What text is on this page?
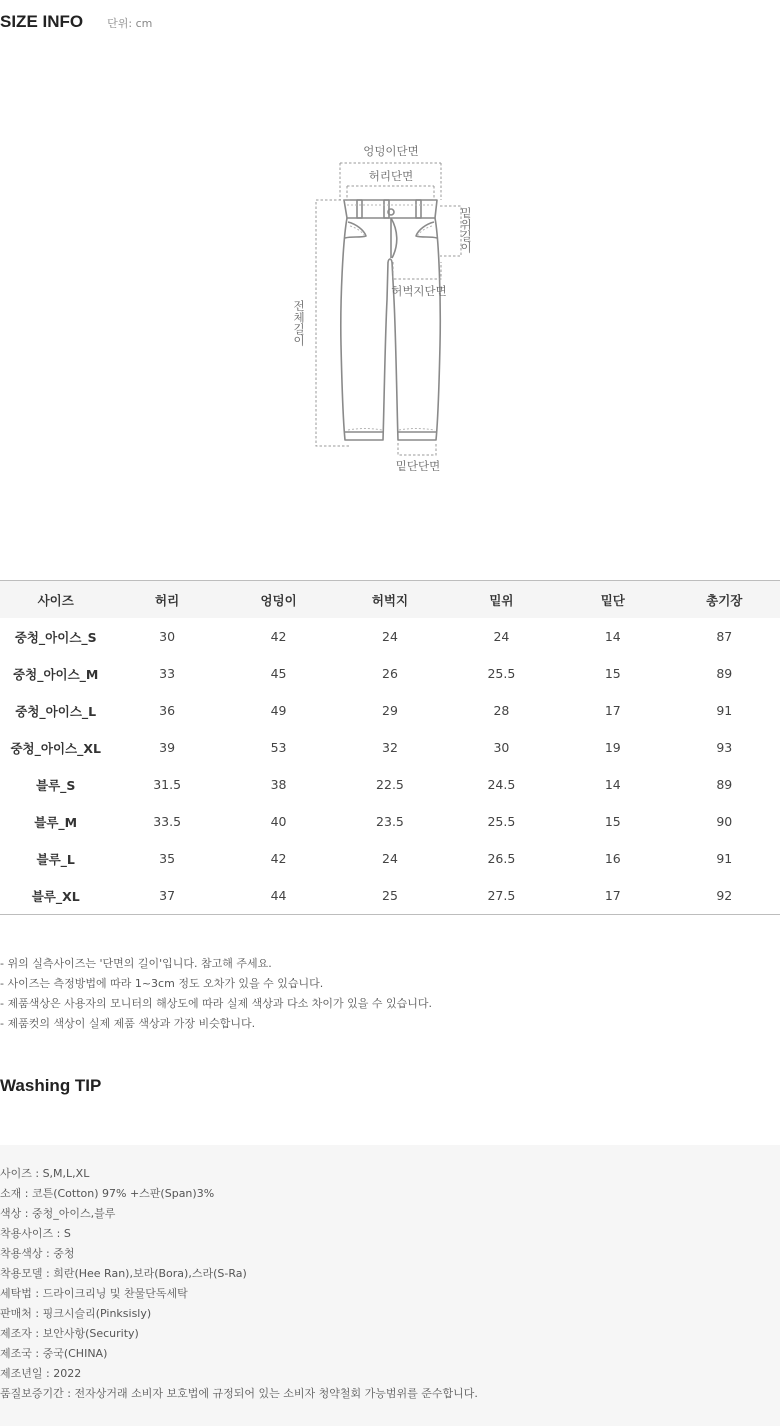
SIZE INFO 단위: cm
엉덩이단면
허리단면
밑위길이
전체길이
허벅지단면
밑단단면
사이즈	허리	엉덩이	허벅지	밑위	밑단	총기장
중청_아이스_S	30	42	24	24	14	87
중청_아이스_M	33	45	26	25.5	15	89
중청_아이스_L	36	49	29	28	17	91
중청_아이스_XL	39	53	32	30	19	93
블루_S	31.5	38	22.5	24.5	14	89
블루_M	33.5	40	23.5	25.5	15	90
블루_L	35	42	24	26.5	16	91
블루_XL	37	44	25	27.5	17	92
- 위의 실측사이즈는 '단면의 길이'입니다. 참고해 주세요.
- 사이즈는 측정방법에 따라 1~3cm 정도 오차가 있을 수 있습니다.
- 제품색상은 사용자의 모니터의 해상도에 따라 실제 색상과 다소 차이가 있을 수 있습니다.
- 제품컷의 색상이 실제 제품 색상과 가장 비슷합니다.
Washing TIP
사이즈 : S,M,L,XL
소재 : 코튼(Cotton) 97% +스판(Span)3%
색상 : 중청_아이스,블루
착용사이즈 : S
착용색상 : 중청
착용모델 : 희란(Hee Ran),보라(Bora),스라(S-Ra)
세탁법 : 드라이크리닝 및 찬물단독세탁
판매처 : 핑크시슬리(Pinksisly)
제조자 : 보안사항(Security)
제조국 : 중국(CHINA)
제조년일 : 2022
품질보증기간 : 전자상거래 소비자 보호법에 규정되어 있는 소비자 청약철회 가능범위를 준수합니다.
